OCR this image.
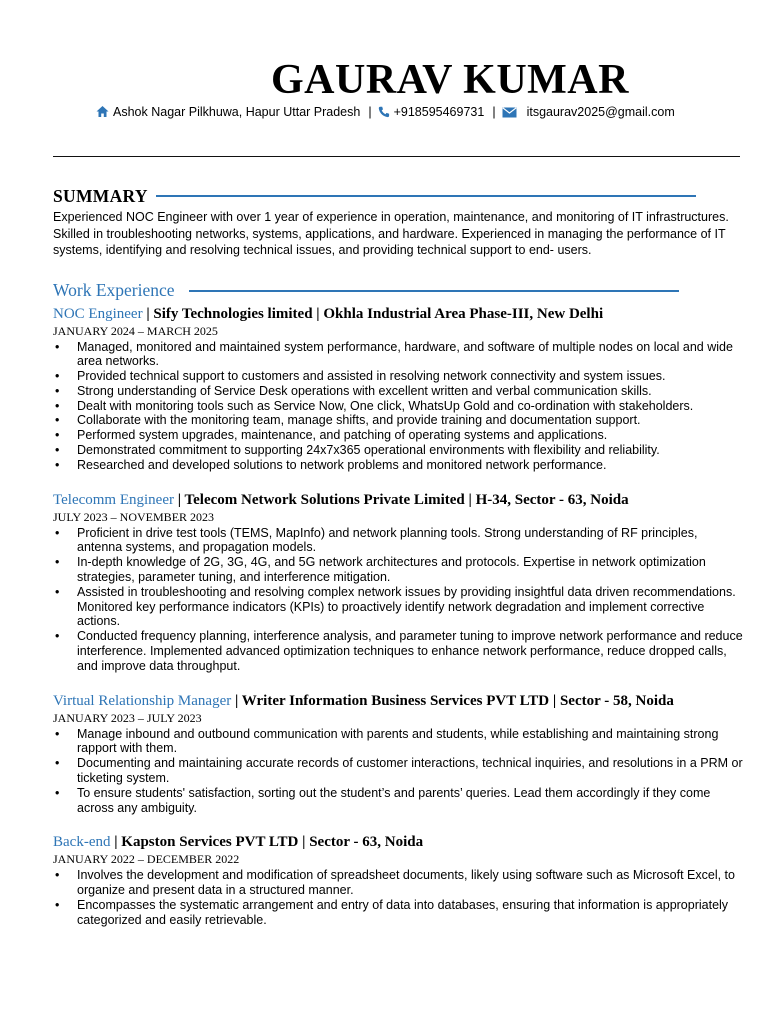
GAURAV KUMAR
Ashok Nagar Pilkhuwa, Hapur Uttar Pradesh | +918595469731 | itsgaurav2025@gmail.com
SUMMARY

Experienced NOC Engineer with over 1 year of experience in operation, maintenance, and monitoring of IT infrastructures. Skilled in troubleshooting networks, systems, applications, and hardware. Experienced in managing the performance of IT systems, identifying and resolving technical issues, and providing technical support to end- users.

Work Experience
NOC Engineer | Sify Technologies limited | Okhla Industrial Area Phase-III, New Delhi
JANUARY 2024 – MARCH 2025
• Managed, monitored and maintained system performance, hardware, and software of multiple nodes on local and wide area networks.
• Provided technical support to customers and assisted in resolving network connectivity and system issues.
• Strong understanding of Service Desk operations with excellent written and verbal communication skills.
• Dealt with monitoring tools such as Service Now, One click, WhatsUp Gold and co-ordination with stakeholders.
• Collaborate with the monitoring team, manage shifts, and provide training and documentation support.
• Performed system upgrades, maintenance, and patching of operating systems and applications.
• Demonstrated commitment to supporting 24x7x365 operational environments with flexibility and reliability.
• Researched and developed solutions to network problems and monitored network performance.
Telecomm Engineer | Telecom Network Solutions Private Limited | H-34, Sector - 63, Noida
JULY 2023 – NOVEMBER 2023
• Proficient in drive test tools (TEMS, MapInfo) and network planning tools. Strong understanding of RF principles, antenna systems, and propagation models.
• In-depth knowledge of 2G, 3G, 4G, and 5G network architectures and protocols. Expertise in network optimization strategies, parameter tuning, and interference mitigation.
• Assisted in troubleshooting and resolving complex network issues by providing insightful data driven recommendations. Monitored key performance indicators (KPIs) to proactively identify network degradation and implement corrective actions.
• Conducted frequency planning, interference analysis, and parameter tuning to improve network performance and reduce interference. Implemented advanced optimization techniques to enhance network performance, reduce dropped calls, and improve data throughput.
Virtual Relationship Manager | Writer Information Business Services PVT LTD | Sector - 58, Noida
JANUARY 2023 – JULY 2023
• Manage inbound and outbound communication with parents and students, while establishing and maintaining strong rapport with them.
• Documenting and maintaining accurate records of customer interactions, technical inquiries, and resolutions in a PRM or ticketing system.
• To ensure students' satisfaction, sorting out the student’s and parents’ queries. Lead them accordingly if they come across any ambiguity.
Back-end | Kapston Services PVT LTD | Sector - 63, Noida
JANUARY 2022 – DECEMBER 2022
• Involves the development and modification of spreadsheet documents, likely using software such as Microsoft Excel, to organize and present data in a structured manner.
• Encompasses the systematic arrangement and entry of data into databases, ensuring that information is appropriately categorized and easily retrievable.
